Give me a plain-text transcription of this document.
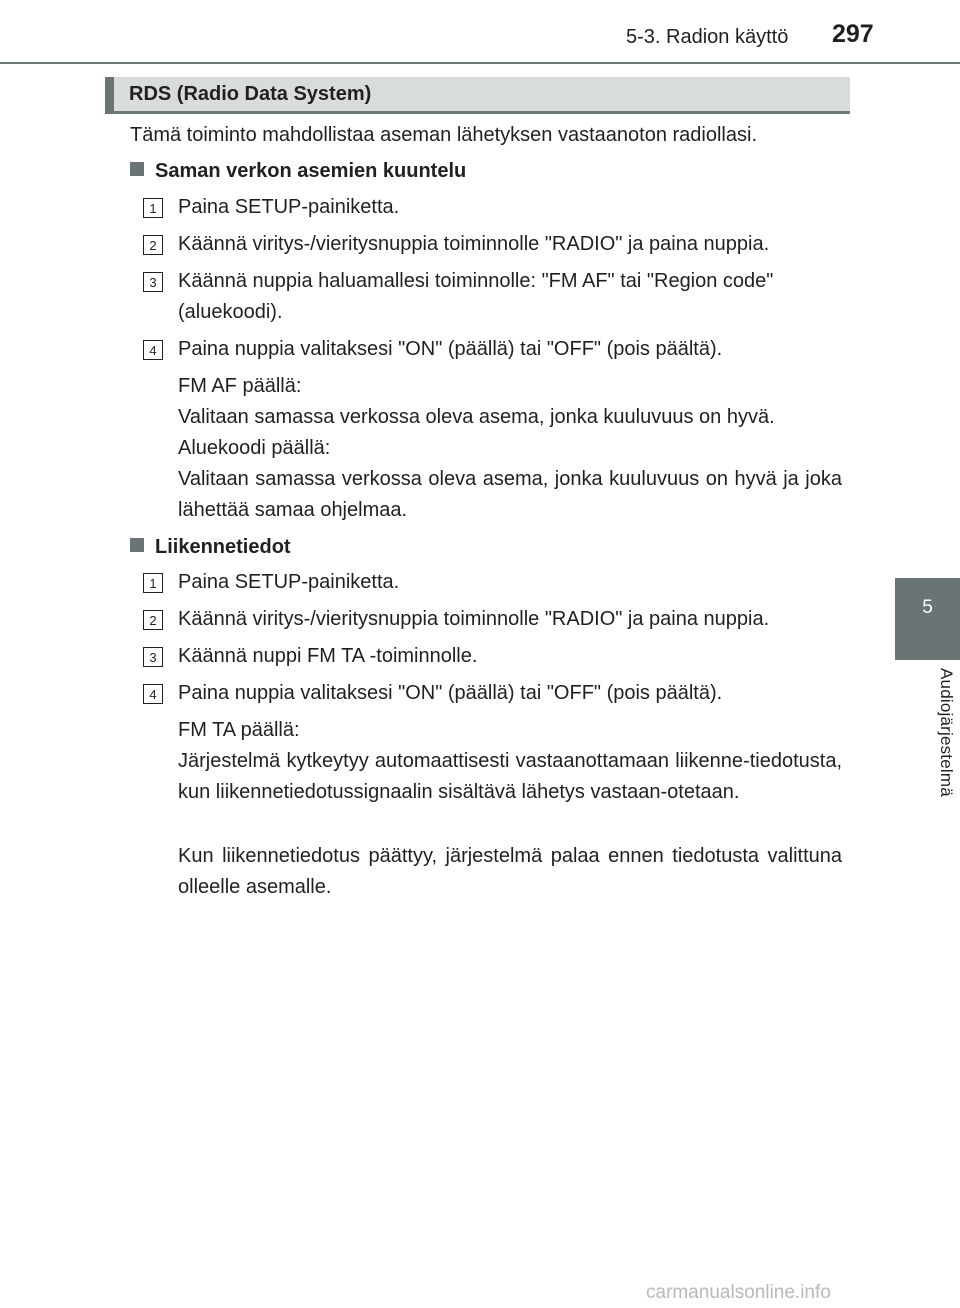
5-3. Radion käyttö 297
5
Audiojärjestelmä
RDS (Radio Data System)
Tämä toiminto mahdollistaa aseman lähetyksen vastaanoton radiollasi.
Saman verkon asemien kuuntelu
1	Paina SETUP-painiketta.
2	Käännä viritys-/vieritysnuppia toiminnolle "RADIO" ja paina nuppia.
3	Käännä nuppia haluamallesi toiminnolle: "FM AF" tai "Region code" (aluekoodi).
4	Paina nuppia valitaksesi "ON" (päällä) tai "OFF" (pois päältä).
FM AF päällä:
Valitaan samassa verkossa oleva asema, jonka kuuluvuus on hyvä.
Aluekoodi päällä:
Valitaan samassa verkossa oleva asema, jonka kuuluvuus on hyvä ja joka lähettää samaa ohjelmaa.
Liikennetiedot
1	Paina SETUP-painiketta.
2	Käännä viritys-/vieritysnuppia toiminnolle "RADIO" ja paina nuppia.
3	Käännä nuppi FM TA -toiminnolle.
4	Paina nuppia valitaksesi "ON" (päällä) tai "OFF" (pois päältä).
FM TA päällä:
Järjestelmä kytkeytyy automaattisesti vastaanottamaan liikenne-tiedotusta, kun liikennetiedotussignaalin sisältävä lähetys vastaan-otetaan.
Kun liikennetiedotus päättyy, järjestelmä palaa ennen tiedotusta valittuna olleelle asemalle.
carmanualsonline.info
